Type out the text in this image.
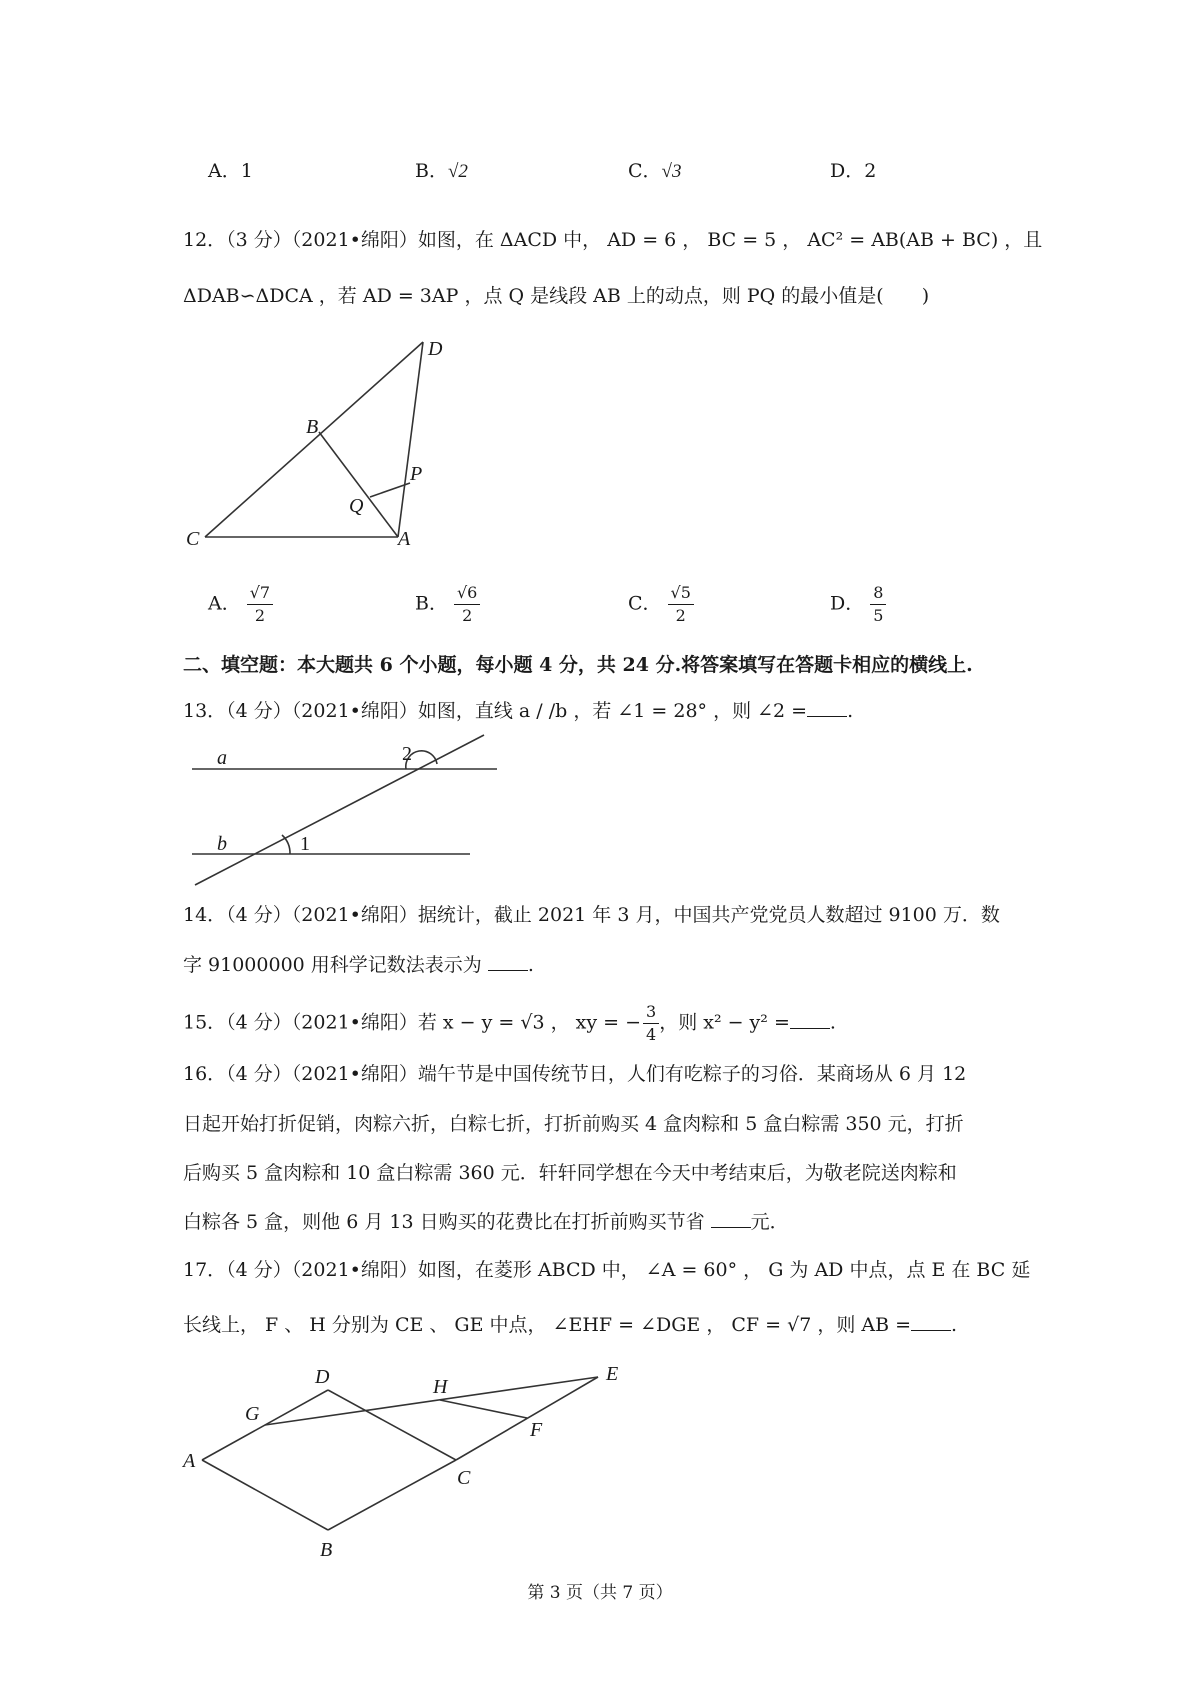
A．1	B．√2	C．√3	D．2
12．（3 分）（2021•绵阳）如图，在 ΔACD 中， AD = 6 ， BC = 5 ， AC² = AB(AB + BC) ，且
ΔDAB∽ΔDCA ，若 AD = 3AP ，点 Q 是线段 AB 上的动点，则 PQ 的最小值是(　　)
D
B
P
Q
C	A
A． $\frac{√7}{2}$	B． $\frac{√6}{2}$	C． $\frac{√5}{2}$	D． $\frac{8}{5}$
二、填空题：本大题共 6 个小题，每小题 4 分，共 24 分.将答案填写在答题卡相应的横线上.
13．（4 分）（2021•绵阳）如图，直线 a / /b ，若 ∠1 = 28° ，则 ∠2 = .
a
b	1
2
14．（4 分）（2021•绵阳）据统计，截止 2021 年 3 月，中国共产党党员人数超过 9100 万．数
字 91000000 用科学记数法表示为 .
15．（4 分）（2021•绵阳）若 x − y = √3 ， xy = − $\frac{3}{4}$ ，则 x² − y² = .
16．（4 分）（2021•绵阳）端午节是中国传统节日，人们有吃粽子的习俗．某商场从 6 月 12
日起开始打折促销，肉粽六折，白粽七折，打折前购买 4 盒肉粽和 5 盒白粽需 350 元，打折
后购买 5 盒肉粽和 10 盒白粽需 360 元．轩轩同学想在今天中考结束后，为敬老院送肉粽和
白粽各 5 盒，则他 6 月 13 日购买的花费比在打折前购买节省 元．
17．（4 分）（2021•绵阳）如图，在菱形 ABCD 中， ∠A = 60° ， G 为 AD 中点，点 E 在 BC 延
长线上， F 、 H 分别为 CE 、 GE 中点， ∠EHF = ∠DGE ， CF = √7 ，则 AB = .
D	H
E
G
F
A
C
B
第 3 页（共 7 页）
